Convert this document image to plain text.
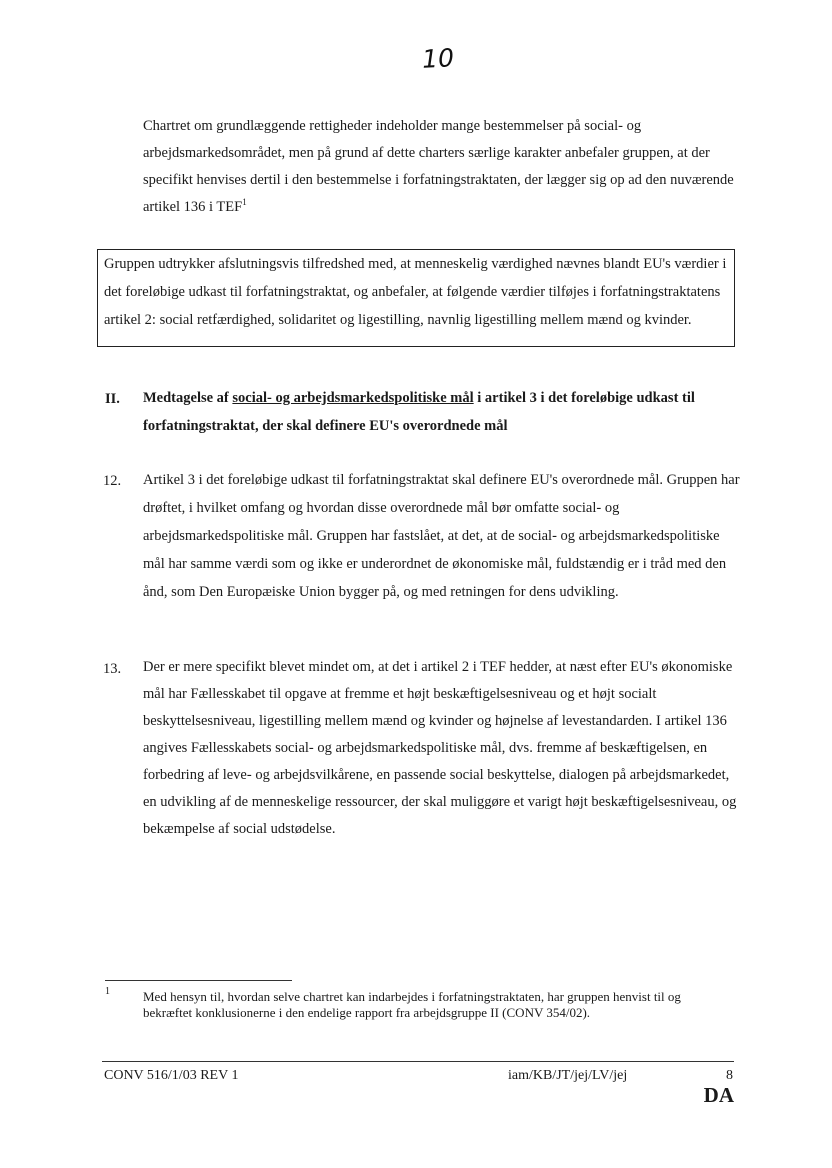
10
Chartret om grundlæggende rettigheder indeholder mange bestemmelser på social- og arbejdsmarkedsområdet, men på grund af dette charters særlige karakter anbefaler gruppen, at der specifikt henvises dertil i den bestemmelse i forfatningstraktaten, der lægger sig op ad den nuværende artikel 136 i TEF$^1$
Gruppen udtrykker afslutningsvis tilfredshed med, at menneskelig værdighed nævnes blandt EU's værdier i det foreløbige udkast til forfatningstraktat, og anbefaler, at følgende værdier tilføjes i forfatningstraktatens artikel 2: social retfærdighed, solidaritet og ligestilling, navnlig ligestilling mellem mænd og kvinder.
II. Medtagelse af social- og arbejdsmarkedspolitiske mål i artikel 3 i det foreløbige udkast til forfatningstraktat, der skal definere EU's overordnede mål
12. Artikel 3 i det foreløbige udkast til forfatningstraktat skal definere EU's overordnede mål. Gruppen har drøftet, i hvilket omfang og hvordan disse overordnede mål bør omfatte social- og arbejdsmarkedspolitiske mål. Gruppen har fastslået, at det, at de social- og arbejdsmarkedspolitiske mål har samme værdi som og ikke er underordnet de økonomiske mål, fuldstændig er i tråd med den ånd, som Den Europæiske Union bygger på, og med retningen for dens udvikling.
13. Der er mere specifikt blevet mindet om, at det i artikel 2 i TEF hedder, at næst efter EU's økonomiske mål har Fællesskabet til opgave at fremme et højt beskæftigelsesniveau og et højt socialt beskyttelsesniveau, ligestilling mellem mænd og kvinder og højnelse af levestandarden. I artikel 136 angives Fællesskabets social- og arbejdsmarkedspolitiske mål, dvs. fremme af beskæftigelsen, en forbedring af leve- og arbejdsvilkårene, en passende social beskyttelse, dialogen på arbejdsmarkedet, en udvikling af de menneskelige ressourcer, der skal muliggøre et varigt højt beskæftigelsesniveau, og bekæmpelse af social udstødelse.
1	Med hensyn til, hvordan selve chartret kan indarbejdes i forfatningstraktaten, har gruppen henvist til og bekræftet konklusionerne i den endelige rapport fra arbejdsgruppe II (CONV 354/02).
CONV 516/1/03 REV 1	iam/KB/JT/jej/LV/jej	8
DA
